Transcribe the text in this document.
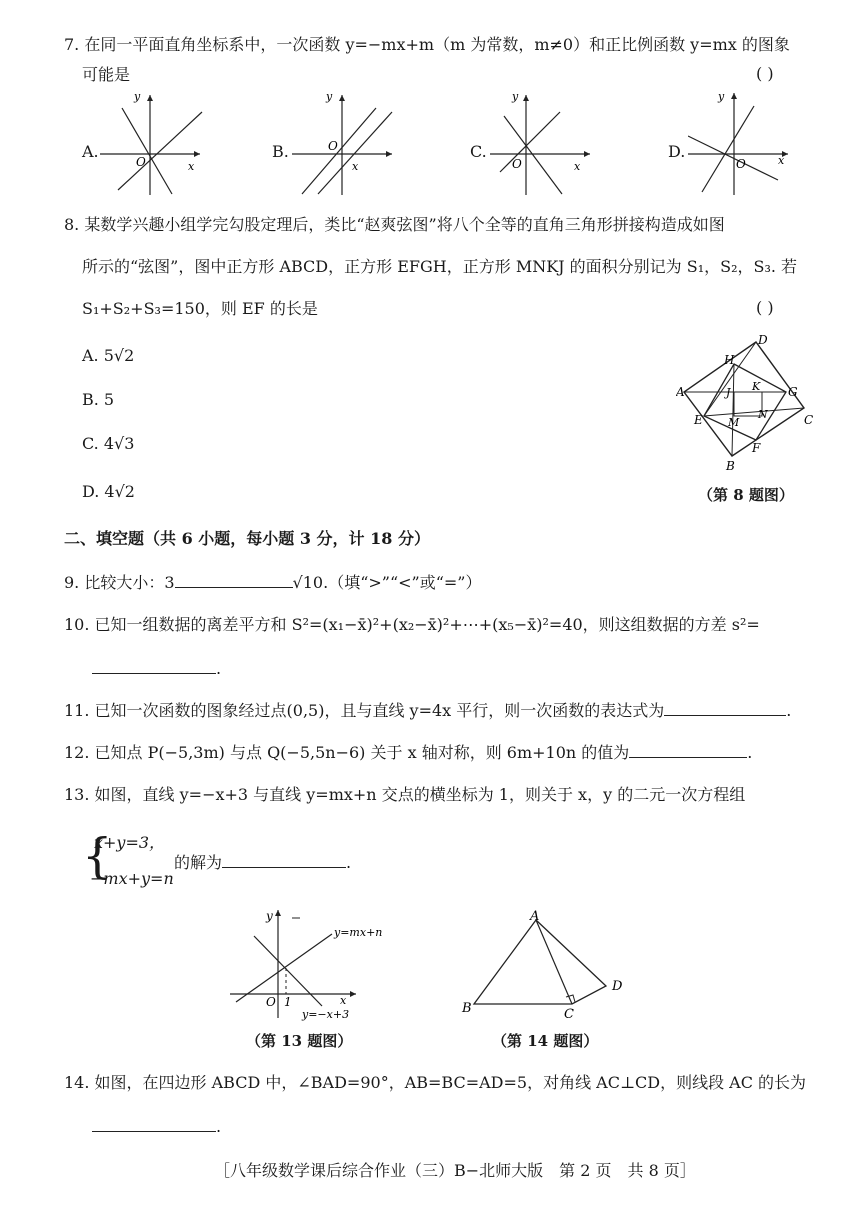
7. 在同一平面直角坐标系中，一次函数 y=−mx+m（m 为常数，m≠0）和正比例函数 y=mx 的图象
可能是	( )
A.
y
O	x
B.
y
O
x
C.
y
O	x
D.
y
O	x
8. 某数学兴趣小组学完勾股定理后，类比“赵爽弦图”将八个全等的直角三角形拼接构造成如图
所示的“弦图”，图中正方形 ABCD，正方形 EFGH，正方形 MNKJ 的面积分别记为 S₁，S₂，S₃. 若
S₁+S₂+S₃=150，则 EF 的长是	( )
A. 5√2
B. 5
C. 4√3
D. 4√2
D
H
A	J K G
N	C
E M
F
B
（第 8 题图）
二、填空题（共 6 小题，每小题 3 分，计 18 分）
9. 比较大小：3	√10.（填“>”“<”或“=”）
10. 已知一组数据的离差平方和 S²=(x₁−x̄)²+(x₂−x̄)²+⋯+(x₅−x̄)²=40，则这组数据的方差 s²=
.
11. 已知一次函数的图象经过点(0,5)，且与直线 y=4x 平行，则一次函数的表达式为	.
12. 已知点 P(−5,3m) 与点 Q(−5,5n−6) 关于 x 轴对称，则 6m+10n 的值为	.
13. 如图，直线 y=−x+3 与直线 y=mx+n 交点的横坐标为 1，则关于 x，y 的二元一次方程组
{
x+y=3，
−mx+y=n
的解为	.
y
O 1	x
y=mx+n
y=−x+3
（第 13 题图）
A
B	C
D
（第 14 题图）
14. 如图，在四边形 ABCD 中，∠BAD=90°，AB=BC=AD=5，对角线 AC⊥CD，则线段 AC 的长为
.
［八年级数学课后综合作业（三）B−北师大版　第 2 页　共 8 页］
